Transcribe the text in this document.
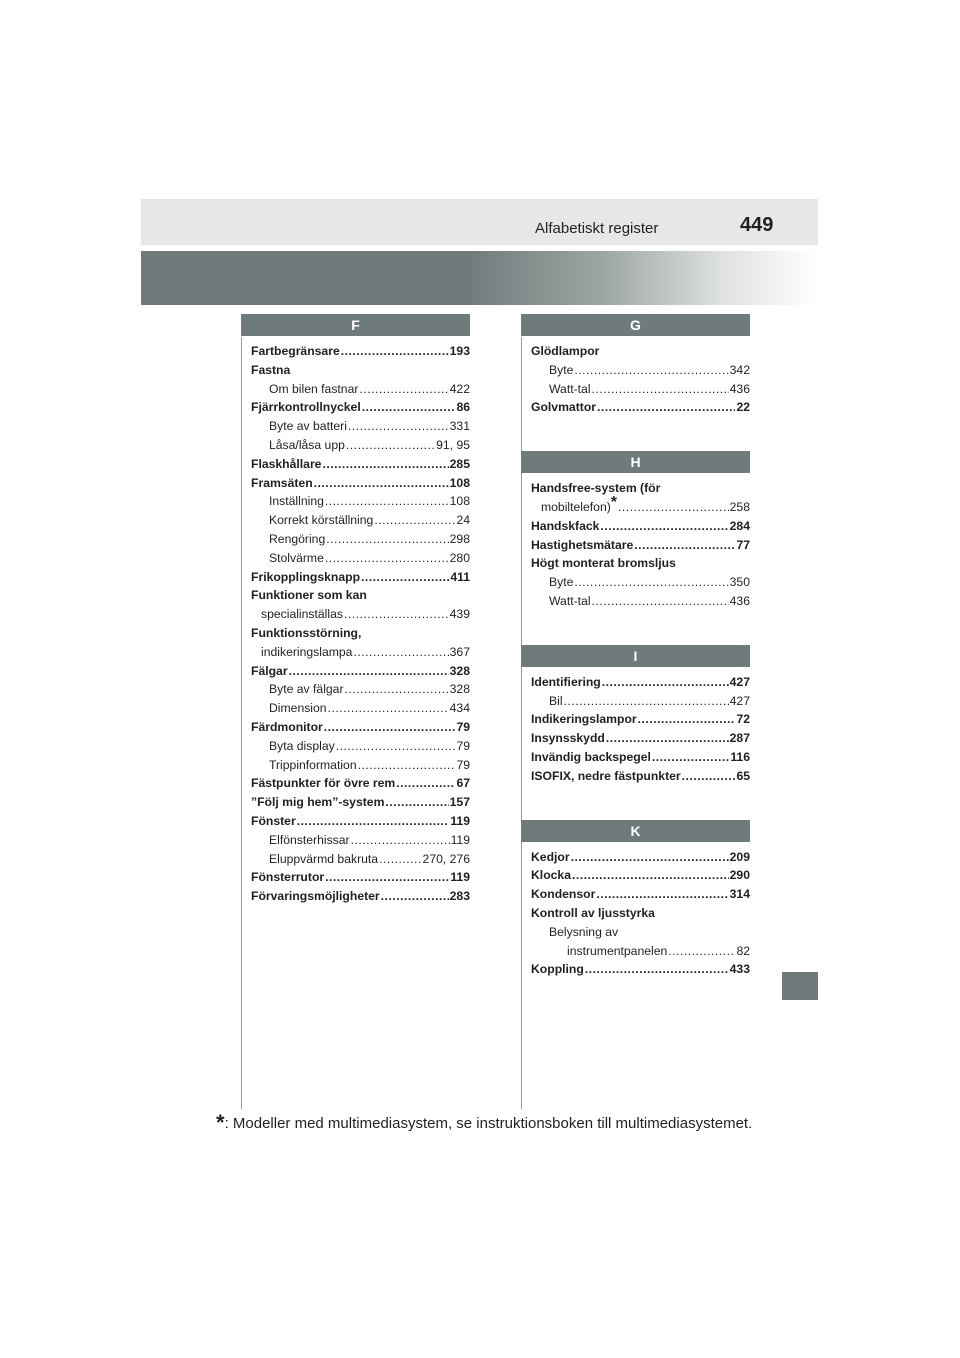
Alfabetiskt register	449
F
Fartbegränsare .....	193
Fastna
Om bilen fastnar .....	422
Fjärrkontrollnyckel .....	86
Byte av batteri .....	331
Låsa/låsa upp .....	91, 95
Flaskhållare .....	285
Framsäten .....	108
Inställning .....	108
Korrekt körställning .....	24
Rengöring .....	298
Stolvärme .....	280
Frikopplingsknapp .....	411
Funktioner som kan
specialinställas .....	439
Funktionsstörning,
indikeringslampa .....	367
Fälgar .....	328
Byte av fälgar .....	328
Dimension .....	434
Färdmonitor .....	79
Byta display .....	79
Trippinformation .....	79
Fästpunkter för övre rem .....	67
”Följ mig hem”-system .....	157
Fönster .....	119
Elfönsterhissar .....	119
Eluppvärmd bakruta .....	270, 276
Fönsterrutor .....	119
Förvaringsmöjligheter .....	283
G
Glödlampor
Byte .....	342
Watt-tal .....	436
Golvmattor .....	22
H
Handsfree-system (för
mobiltelefon)* .....	258
Handskfack .....	284
Hastighetsmätare .....	77
Högt monterat bromsljus
Byte .....	350
Watt-tal .....	436
I
Identifiering .....	427
Bil .....	427
Indikeringslampor .....	72
Insynsskydd .....	287
Invändig backspegel .....	116
ISOFIX, nedre fästpunkter .....	65
K
Kedjor .....	209
Klocka .....	290
Kondensor .....	314
Kontroll av ljusstyrka
Belysning av
instrumentpanelen .....	82
Koppling .....	433
*: Modeller med multimediasystem, se instruktionsboken till multimediasystemet.
